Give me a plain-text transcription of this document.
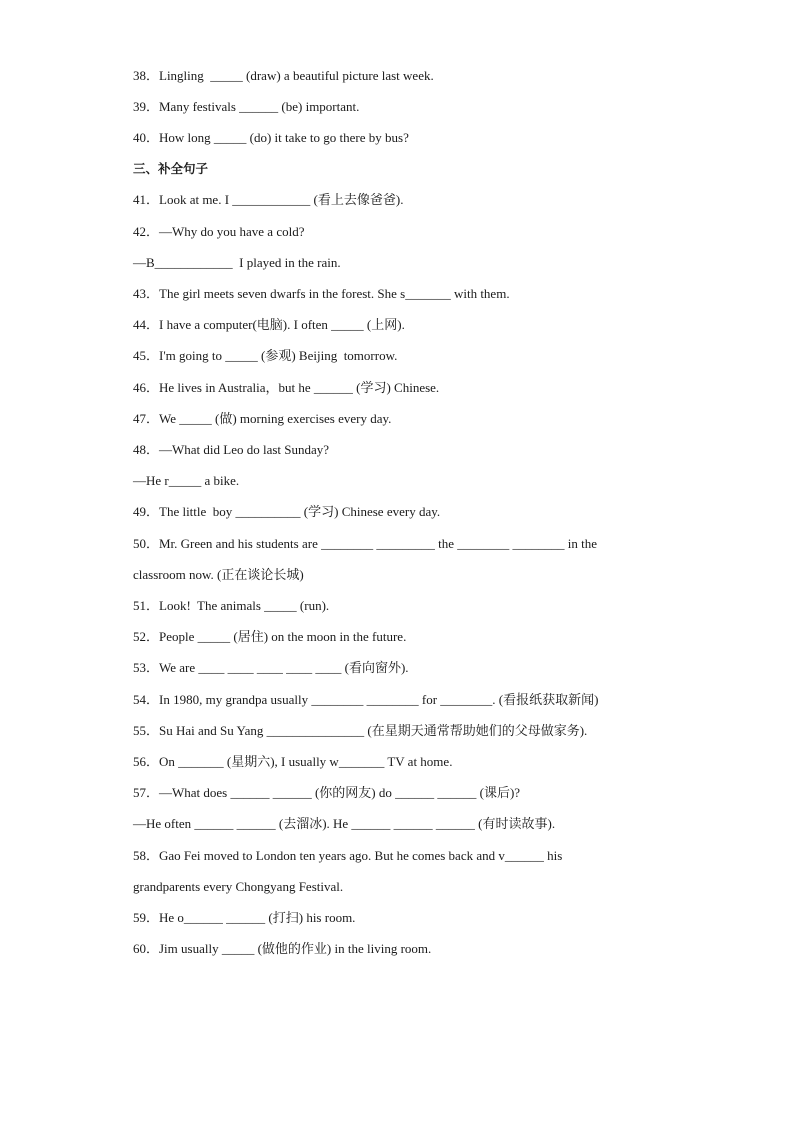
38．Lingling  _____ (draw) a beautiful picture last week.
39．Many festivals ______ (be) important.
40．How long _____ (do) it take to go there by bus?
三、补全句子
41．Look at me. I ____________ (看上去像爸爸).
42．—Why do you have a cold?
—B____________  I played in the rain.
43．The girl meets seven dwarfs in the forest. She s_______ with them.
44．I have a computer(电脑). I often _____ (上网).
45．I'm going to _____ (参观) Beijing  tomorrow.
46．He lives in Australia，but he ______ (学习) Chinese.
47．We _____ (做) morning exercises every day.
48．—What did Leo do last Sunday?
—He r_____ a bike.
49．The little  boy __________ (学习) Chinese every day.
50．Mr. Green and his students are ________ _________ the ________ ________ in the
classroom now. (正在谈论长城)
51．Look!  The animals _____ (run).
52．People _____ (居住) on the moon in the future.
53．We are ____ ____ ____ ____ ____ (看向窗外).
54．In 1980, my grandpa usually ________ ________ for ________. (看报纸获取新闻)
55．Su Hai and Su Yang _______________ (在星期天通常帮助她们的父母做家务).
56．On _______ (星期六), I usually w_______ TV at home.
57．—What does ______ ______ (你的网友) do ______ ______ (课后)?
—He often ______ ______ (去溜冰). He ______ ______ ______ (有时读故事).
58．Gao Fei moved to London ten years ago. But he comes back and v______ his
grandparents every Chongyang Festival.
59．He o______ ______ (打扫) his room.
60．Jim usually _____ (做他的作业) in the living room.
